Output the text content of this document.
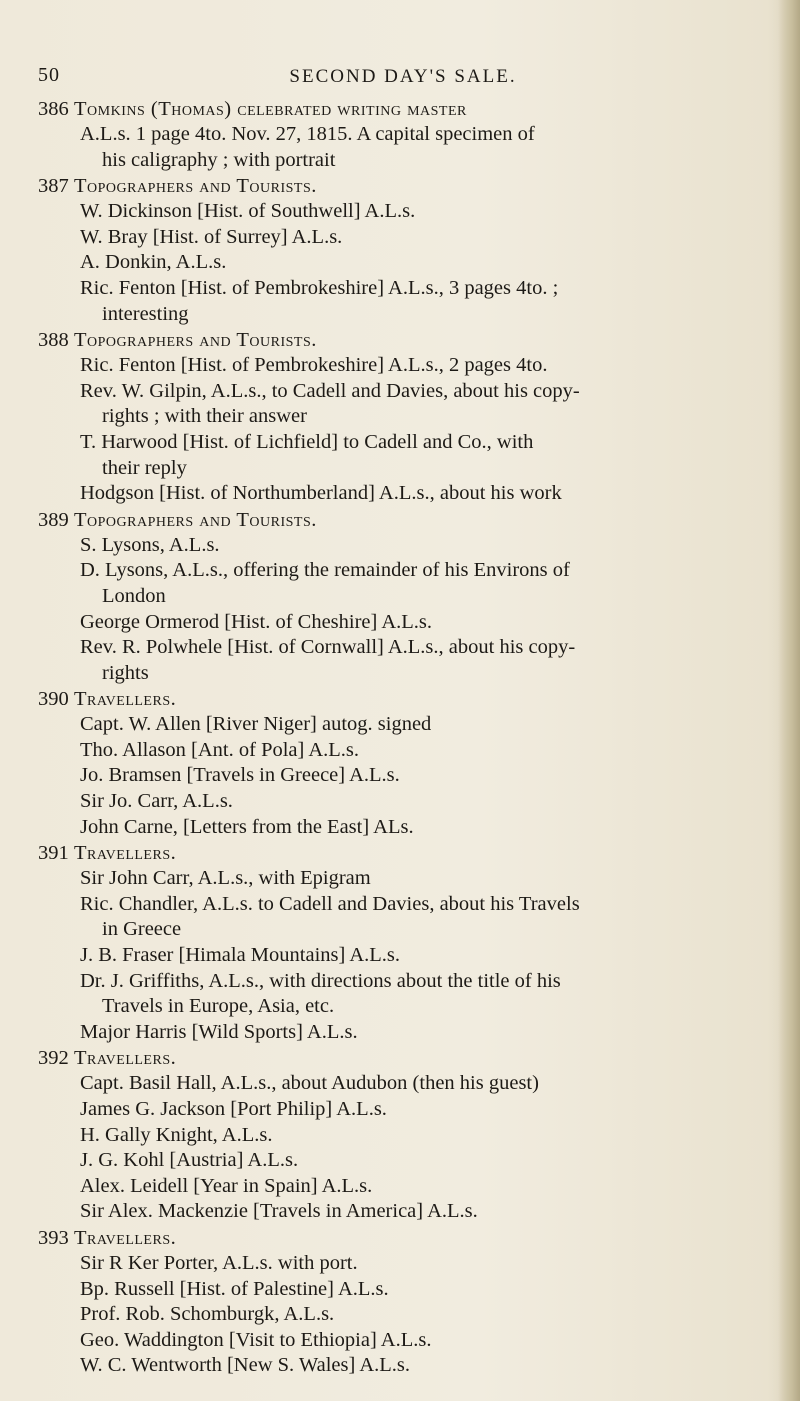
50	SECOND DAY'S SALE.
386 Tomkins (Thomas) celebrated writing master
A.L.s. 1 page 4to. Nov. 27, 1815. A capital specimen of
his caligraphy ; with portrait
387 Topographers and Tourists.
W. Dickinson [Hist. of Southwell] A.L.s.
W. Bray [Hist. of Surrey] A.L.s.
A. Donkin, A.L.s.
Ric. Fenton [Hist. of Pembrokeshire] A.L.s., 3 pages 4to. ;
interesting
388 Topographers and Tourists.
Ric. Fenton [Hist. of Pembrokeshire] A.L.s., 2 pages 4to.
Rev. W. Gilpin, A.L.s., to Cadell and Davies, about his copy-
rights ; with their answer
T. Harwood [Hist. of Lichfield] to Cadell and Co., with
their reply
Hodgson [Hist. of Northumberland] A.L.s., about his work
389 Topographers and Tourists.
S. Lysons, A.L.s.
D. Lysons, A.L.s., offering the remainder of his Environs of
London
George Ormerod [Hist. of Cheshire] A.L.s.
Rev. R. Polwhele [Hist. of Cornwall] A.L.s., about his copy-
rights
390 Travellers.
Capt. W. Allen [River Niger] autog. signed
Tho. Allason [Ant. of Pola] A.L.s.
Jo. Bramsen [Travels in Greece] A.L.s.
Sir Jo. Carr, A.L.s.
John Carne, [Letters from the East] ALs.
391 Travellers.
Sir John Carr, A.L.s., with Epigram
Ric. Chandler, A.L.s. to Cadell and Davies, about his Travels
in Greece
J. B. Fraser [Himala Mountains] A.L.s.
Dr. J. Griffiths, A.L.s., with directions about the title of his
Travels in Europe, Asia, etc.
Major Harris [Wild Sports] A.L.s.
392 Travellers.
Capt. Basil Hall, A.L.s., about Audubon (then his guest)
James G. Jackson [Port Philip] A.L.s.
H. Gally Knight, A.L.s.
J. G. Kohl [Austria] A.L.s.
Alex. Leidell [Year in Spain] A.L.s.
Sir Alex. Mackenzie [Travels in America] A.L.s.
393 Travellers.
Sir R Ker Porter, A.L.s. with port.
Bp. Russell [Hist. of Palestine] A.L.s.
Prof. Rob. Schomburgk, A.L.s.
Geo. Waddington [Visit to Ethiopia] A.L.s.
W. C. Wentworth [New S. Wales] A.L.s.
